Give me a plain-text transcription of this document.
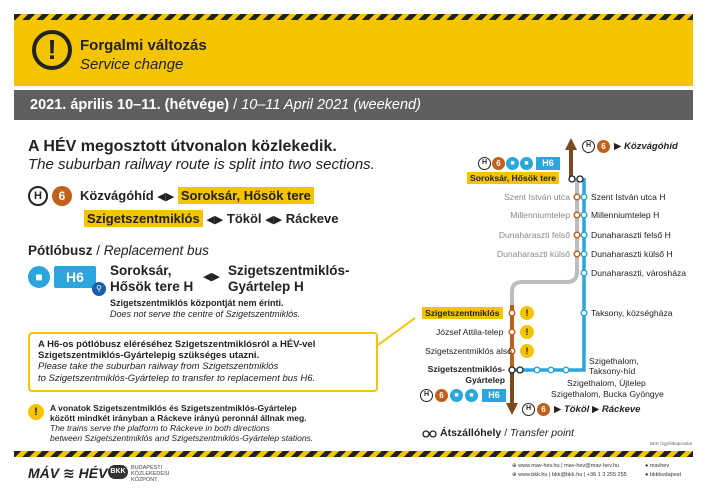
!	Forgalmi változás
Service change
2021. április 10–11. (hétvége) / 10–11 April 2021 (weekend)
A HÉV megosztott útvonalon közlekedik.
The suburban railway route is split into two sections.
H	6	Közvágóhíd ◀▶ Soroksár, Hősök tere
Szigetszentmiklós ◀▶ Tököl ◀▶ Ráckeve
Pótlóbusz / Replacement bus
■	H6
⚲
Soroksár,
Hősök tere H
◀▶ Szigetszentmiklós-
Gyártelep H
Szigetszentmiklós központját nem érinti.
Does not serve the centre of Szigetszentmiklós.
A H6-os pótlóbusz eléréséhez Szigetszentmiklósról a HÉV-vel
Szigetszentmiklós-Gyártelepig szükséges utazni.
Please take the suburban railway from Szigetszentmiklós
to Szigetszentmiklós-Gyártelep to transfer to replacement bus H6.
!	A vonatok Szigetszentmiklós és Szigetszentmiklós-Gyártelep
között mindkét irányban a Ráckeve irányú peronnál állnak meg.
The trains serve the platform to Ráckeve in both directions
between Szigetszentmiklós and Szigetszentmiklós-Gyártelep stations.
H	6 ▶ Közvágóhíd
H	6	■	■	H6
Soroksár, Hősök tere
Szent István utca
Millenniumtelep
Dunaharaszti felső
Dunaharaszti külső
Szent István utca H
Millenniumtelep H
Dunaharaszti felső H
Dunaharaszti külső H
Dunaharaszti, városháza
Taksony, községháza
Szigetszentmiklós	!
József Attila-telep	!
Szigetszentmiklós alsó	!
Szigetszentmiklós-
Gyártelep
Szigethalom,
Taksony-híd
Szigethalom, Újtelep
Szigethalom, Bucka Gyöngye
H	6	■	■	H6
H	6 ▶ Tököl ▶ Ráckeve
Átszállóhely / Transfer point
BKK Ügyfélkapcsolat
MÁV ≋ HÉV BKK BUDAPESTI
KÖZLEKEDÉSI
KÖZPONT
⊕ www.mav-hev.hu | mav-hev@mav-hev.hu
⊕ www.bkk.hu | bkk@bkk.hu | +36 1 3 255 255
● mavhev
● bkkbudapest
